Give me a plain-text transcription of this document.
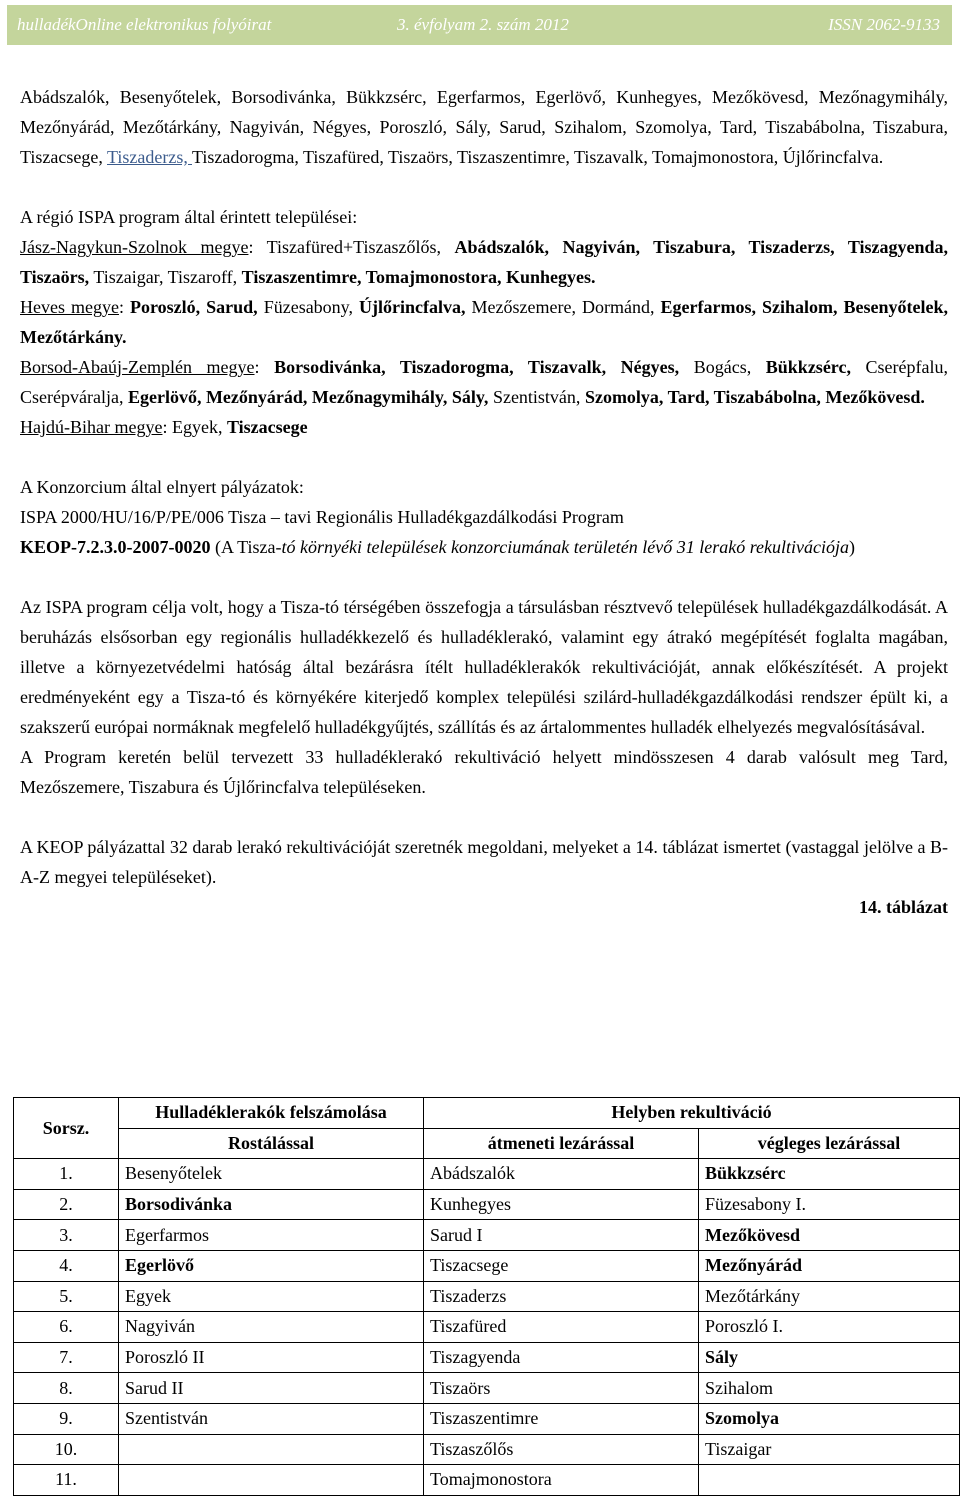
hulladékOnline elektronikus folyóirat	3. évfolyam 2. szám 2012	ISSN 2062-9133

Abádszalók, Besenyőtelek, Borsodivánka, Bükkzsérc, Egerfarmos, Egerlövő, Kunhegyes, Mezőkövesd, Mezőnagymihály, Mezőnyárád, Mezőtárkány, Nagyiván, Négyes, Poroszló, Sály, Sarud, Szihalom, Szomolya, Tard, Tiszabábolna, Tiszabura, Tiszacsege, Tiszaderzs, Tiszadorogma, Tiszafüred, Tiszaörs, Tiszaszentimre, Tiszavalk, Tomajmonostora, Újlőrincfalva.

A régió ISPA program által érintett települései:

Jász-Nagykun-Szolnok megye: Tiszafüred+Tiszaszőlős, Abádszalók, Nagyiván, Tiszabura, Tiszaderzs, Tiszagyenda, Tiszaörs, Tiszaigar, Tiszaroff, Tiszaszentimre, Tomajmonostora, Kunhegyes.

Heves megye: Poroszló, Sarud, Füzesabony, Újlőrincfalva, Mezőszemere, Dormánd, Egerfarmos, Szihalom, Besenyőtelek, Mezőtárkány.

Borsod-Abaúj-Zemplén megye: Borsodivánka, Tiszadorogma, Tiszavalk, Négyes, Bogács, Bükkzsérc, Cserépfalu, Cserépváralja, Egerlövő, Mezőnyárád, Mezőnagymihály, Sály, Szentistván, Szomolya, Tard, Tiszabábolna, Mezőkövesd.

Hajdú-Bihar megye: Egyek, Tiszacsege

A Konzorcium által elnyert pályázatok:

ISPA 2000/HU/16/P/PE/006 Tisza – tavi Regionális Hulladékgazdálkodási Program

KEOP-7.2.3.0-2007-0020 (A Tisza-tó környéki települések konzorciumának területén lévő 31 lerakó rekultivációja)

Az ISPA program célja volt, hogy a Tisza-tó térségében összefogja a társulásban résztvevő települések hulladékgazdálkodását. A beruházás elsősorban egy regionális hulladékkezelő és hulladéklerakó, valamint egy átrakó megépítését foglalta magában, illetve a környezetvédelmi hatóság által bezárásra ítélt hulladéklerakók rekultivációját, annak előkészítését. A projekt eredményeként egy a Tisza-tó és környékére kiterjedő komplex települési szilárd-hulladékgazdálkodási rendszer épült ki, a szakszerű európai normáknak megfelelő hulladékgyűjtés, szállítás és az ártalommentes hulladék elhelyezés megvalósításával.

A Program keretén belül tervezett 33 hulladéklerakó rekultiváció helyett mindösszesen 4 darab valósult meg Tard, Mezőszemere, Tiszabura és Újlőrincfalva településeken.

A KEOP pályázattal 32 darab lerakó rekultivációját szeretnék megoldani, melyeket a 14. táblázat ismertet (vastaggal jelölve a B-A-Z megyei településeket).

14. táblázat

Sorsz.	Hulladéklerakók felszámolása	Helyben rekultiváció	
	Rostálással	átmeneti lezárással	végleges lezárással
1.	Besenyőtelek	Abádszalók	Bükkzsérc
2.	Borsodivánka	Kunhegyes	Füzesabony I.
3.	Egerfarmos	Sarud I	Mezőkövesd
4.	Egerlövő	Tiszacsege	Mezőnyárád
5.	Egyek	Tiszaderzs	Mezőtárkány
6.	Nagyiván	Tiszafüred	Poroszló I.
7.	Poroszló II	Tiszagyenda	Sály
8.	Sarud II	Tiszaörs	Szihalom
9.	Szentistván	Tiszaszentimre	Szomolya
10.		Tiszaszőlős	Tiszaigar
11.		Tomajmonostora	
